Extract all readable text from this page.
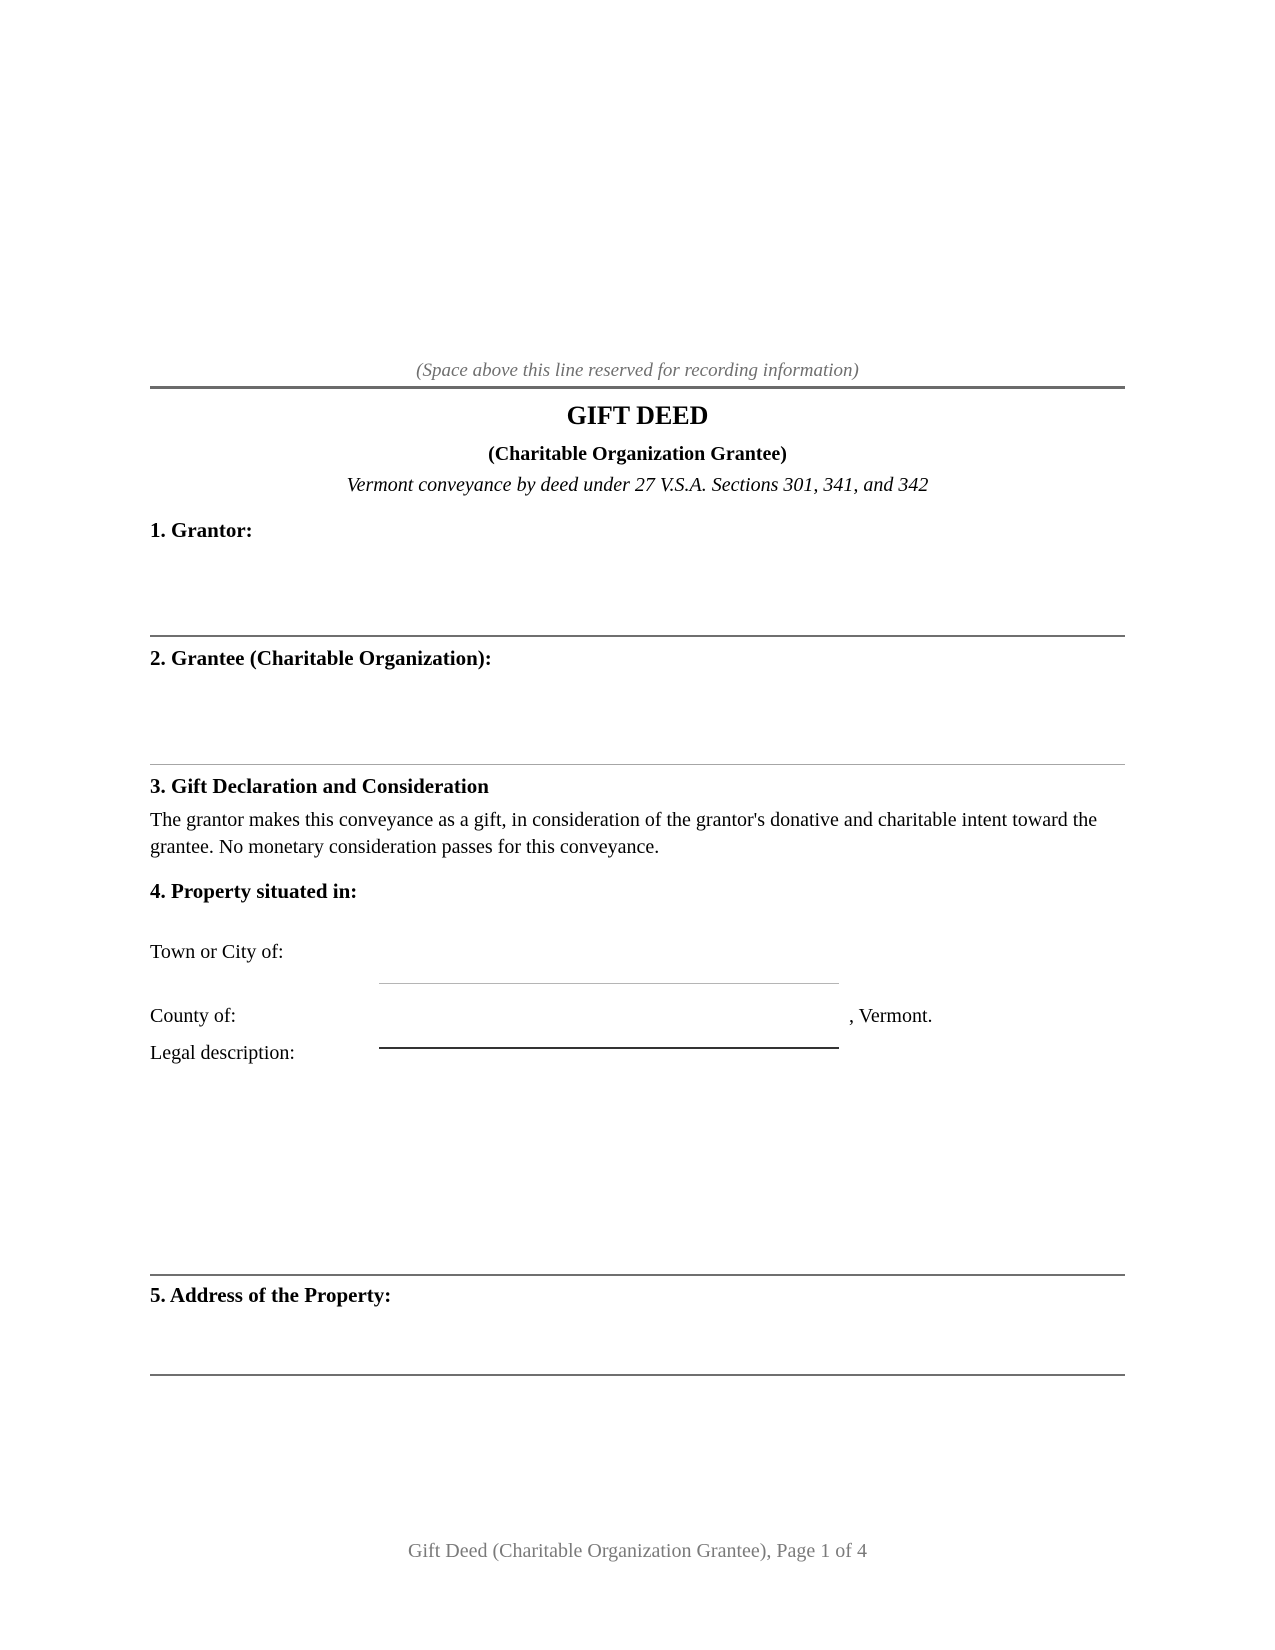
(Space above this line reserved for recording information)
GIFT DEED
(Charitable Organization Grantee)
Vermont conveyance by deed under 27 V.S.A. Sections 301, 341, and 342
1. Grantor:
2. Grantee (Charitable Organization):
3. Gift Declaration and Consideration
The grantor makes this conveyance as a gift, in consideration of the grantor's donative and charitable intent toward the grantee. No monetary consideration passes for this conveyance.
4. Property situated in:
Town or City of:
County of:	, Vermont.
Legal description:
5. Address of the Property:
Gift Deed (Charitable Organization Grantee), Page 1 of 4
